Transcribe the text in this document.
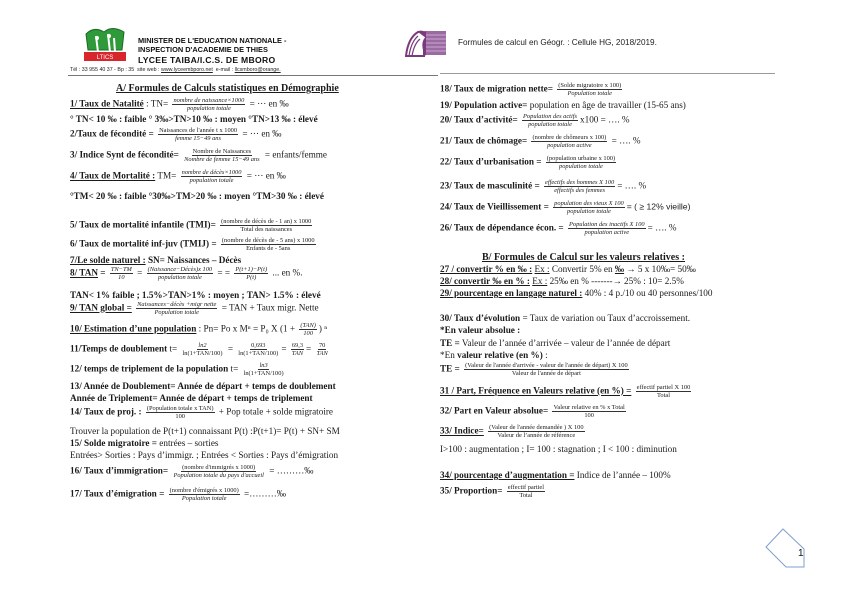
LTICS
MINISTER DE L'EDUCATION NATIONALE -
INSPECTION D'ACADEMIE DE THIES
LYCEE TAIBA/I.C.S. DE MBORO
Tél : 33 955 40 37 - Bp : 35 site web : www.lyceembporo.net e-mail : llcsmboro@orange.
Formules de calcul en Géogr. : Cellule HG, 2018/2019.
A/ Formules de Calculs statistiques en Démographie
1/ Taux de Natalité : $TN= \frac{\text{nombre de naissance×1000}}{\text{population totale}}$ = ··· en ‰
° TN< 10 ‰ : faible ° 3‰>TN>10 ‰ : moyen °TN>13 ‰ : élevé
2/Taux de fécondité = $\frac{\text{Naissances de l'année t x 1000}}{\text{femme 15−49 ans}}$ = ··· en ‰
3/ Indice Synt de fécondité= $\frac{\text{Nombre de Naissances}}{\text{Nombre de femme 15−49 ans}}$ = enfants/femme
4/ Taux de Mortalité : $TM= \frac{\text{nombre de décès×1000}}{\text{population totale}}$ = ··· en ‰
°TM< 20 ‰ : faible °30‰>TM>20 ‰ : moyen °TM>30 ‰ : élevé
5/ Taux de mortalité infantile $(TMI)= \frac{\text{(nombre de décès de - 1 an) x 1000}}{\text{Total des naissances}}$
6/ Taux de mortalité inf-juv (TMIJ) = $\frac{\text{(nombre de décès de - 5 ans) x 1000}}{\text{Enfants de - 5ans}}$
7/Le solde naturel : SN= Naissances – Décès
8/ TAN = $\frac{TN-TM}{10} = \frac{\text{(Naissance−Décès)x 100}}{\text{population totale}}$ = = $\frac{P(t+1)-P(t)}{P(t)}$ ... en %.
TAN< 1% faible ; 1.5%>TAN>1% : moyen ; TAN> 1.5% : élevé
9/ TAN global = $\frac{\text{Naissances−décès +migr nette}}{\text{Population totale}}$ = TAN + Taux migr. Nette
10/ Estimation d’une population : Pn= Po x Mⁿ = P₀ X ($1 + \frac{\text{(TAN)}}{100}$ ) ⁿ
11/Temps de doublement $t= \frac{\ln 2}{\text{ln(1+TAN/100)}} = \frac{0,693}{\text{ln(1+TAN/100)}} = \frac{69,3}{\text{TAN}} = \frac{70}{\text{TAN}}$
12/ temps de triplement de la population $t= \frac{\ln 3}{\text{ln(1+TAN/100)}}$
13/ Année de Doublement= Année de départ + temps de doublement
Année de Triplement= Année de départ + temps de triplement
14/ Taux de proj. : $\frac{\text{(Population totale x TAN)}}{100}$ + Pop totale + solde migratoire
Trouver la population de P(t+1) connaissant P(t) :P(t+1)= P(t) + SN+ SM
15/ Solde migratoire = entrées – sorties
Entrées> Sorties : Pays d’immigr. ; Entrées < Sorties : Pays d’émigration
16/ Taux d’immigration= $\frac{\text{(nombre d'immigrés x 1000)}}{\text{Population totale du pays d'accueil}}$ = ………‰
17/ Taux d’émigration = $\frac{\text{(nombre d'émigrés x 1000)}}{\text{Population totale}}$ =………‰
18/ Taux de migration nette= $\frac{\text{(Solde migratoire x 100)}}{\text{Population totale}}$
19/ Population active= population en âge de travailler (15-65 ans)
20/ Taux d’activité= $\frac{\text{Population des actifs}}{\text{population totale}} x100$ = …. %
21/ Taux de chômage= $\frac{\text{(nombre de chômeurs x 100)}}{\text{population active}}$ = …. %
22/ Taux d’urbanisation = $\frac{\text{(population urbaine x 100)}}{\text{population totale}}$
23/ Taux de masculinité = $\frac{\text{effectifs des hommes X 100}}{\text{effectifs des femmes}}$ = …. %
24/ Taux de Vieillissement = $\frac{\text{population des vieux X 100}}{\text{population totale}}$ = ( ≥ 12% vieille)
26/ Taux de dépendance écon. = $\frac{\text{Population des inactifs X 100}}{\text{population active}}$ = …. %
B/ Formules de Calcul sur les valeurs relatives :
27 / convertir % en ‰ : Ex : Convertir 5% en ‰ → 5 x 10‰= 50‰
28/ convertir ‰ en % : Ex : 25‰ en % -------→ 25% : 10= 2.5%
29/ pourcentage en langage naturel : 40% : 4 p./10 ou 40 personnes/100
30/ Taux d’évolution = Taux de variation ou Taux d’accroissement.
*En valeur absolue :
TE = Valeur de l’année d’arrivée – valeur de l’année de départ
*En valeur relative (en %) :
TE = (Valeur de l'année d'arrivée - valeur de l'année de départ) X 100
Valeur de l'année de départ
31 / Part, Fréquence en Valeurs relative (en %) = $\frac{\text{effectif partiel X 100}}{\text{Total}}$
32/ Part en Valeur absolue= $\frac{\text{Valeur relative en \% x Total}}{100}$
33/ Indice= $\frac{\text{(Valeur de l'année demandée ) X 100}}{\text{Valeur de l’année de référence}}$
I>100 : augmentation ; I= 100 : stagnation ; I < 100 : diminution
34/ pourcentage d’augmentation = Indice de l’année – 100%
35/ Proportion= $\frac{\text{effectif partiel}}{\text{Total}}$
1
